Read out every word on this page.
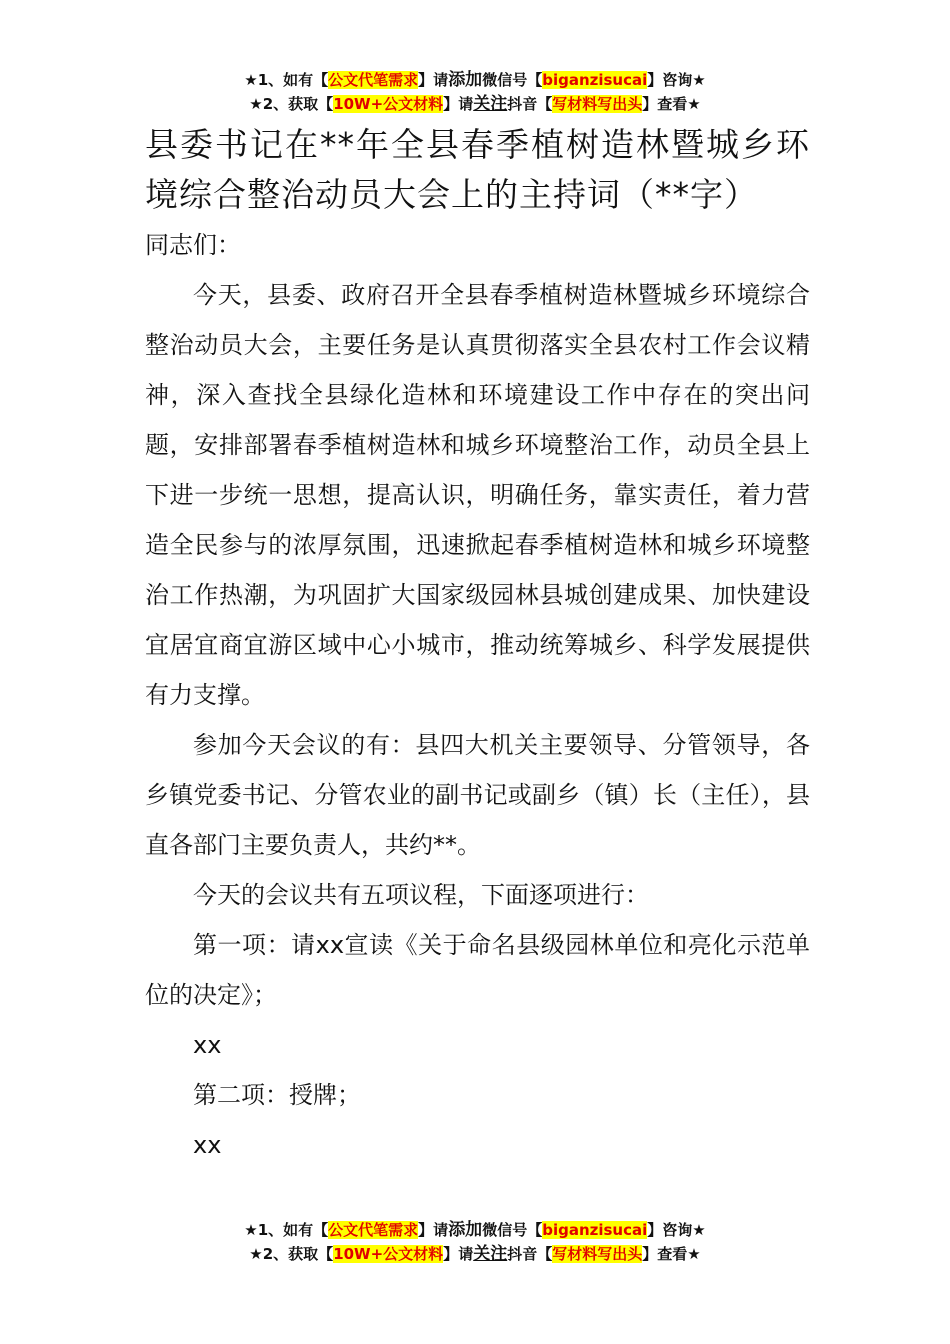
★1、如有【公文代笔需求】请添加微信号【biganzisucai】咨询★
★2、获取【10W+公文材料】请关注抖音【写材料写出头】查看★
县委书记在**年全县春季植树造林暨城乡环境综合整治动员大会上的主持词（**字）

同志们：

今天，县委、政府召开全县春季植树造林暨城乡环境综合整治动员大会，主要任务是认真贯彻落实全县农村工作会议精神，深入查找全县绿化造林和环境建设工作中存在的突出问题，安排部署春季植树造林和城乡环境整治工作，动员全县上下进一步统一思想，提高认识，明确任务，靠实责任，着力营造全民参与的浓厚氛围，迅速掀起春季植树造林和城乡环境整治工作热潮，为巩固扩大国家级园林县城创建成果、加快建设宜居宜商宜游区域中心小城市，推动统筹城乡、科学发展提供有力支撑。

参加今天会议的有：县四大机关主要领导、分管领导，各乡镇党委书记、分管农业的副书记或副乡（镇）长（主任），县直各部门主要负责人，共约**。

今天的会议共有五项议程，下面逐项进行：

第一项：请xx宣读《关于命名县级园林单位和亮化示范单位的决定》；

xx

第二项：授牌；

xx

★1、如有【公文代笔需求】请添加微信号【biganzisucai】咨询★
★2、获取【10W+公文材料】请关注抖音【写材料写出头】查看★
